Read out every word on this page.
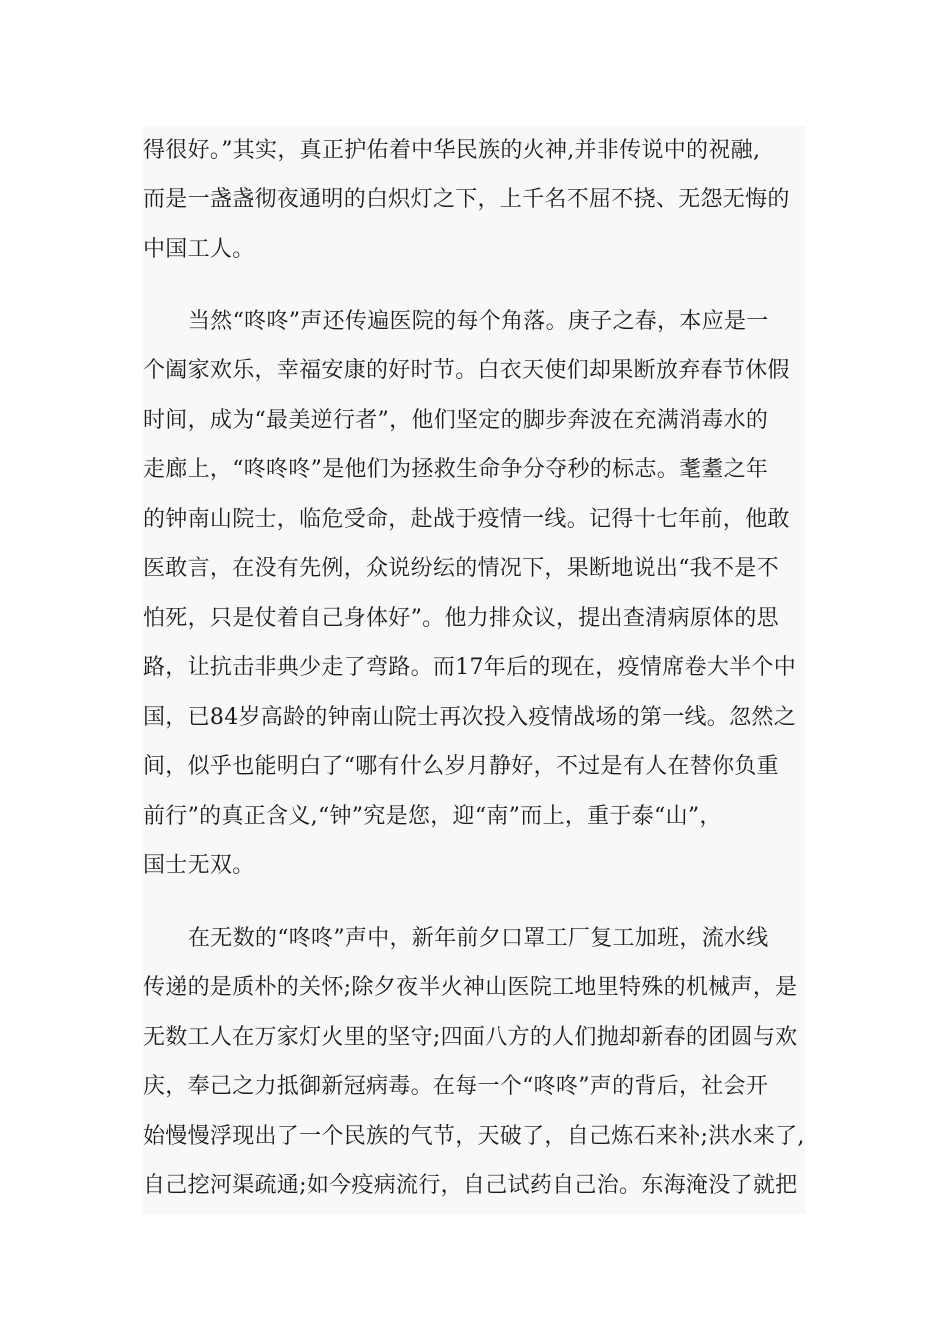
得很好。”其实，真正护佑着中华民族的火神,并非传说中的祝融,
而是一盏盏彻夜通明的白炽灯之下，上千名不屈不挠、无怨无悔的
中国工人。
当然“咚咚”声还传遍医院的每个角落。庚子之春，本应是一
个阖家欢乐，幸福安康的好时节。白衣天使们却果断放弃春节休假
时间，成为“最美逆行者”，他们坚定的脚步奔波在充满消毒水的
走廊上，“咚咚咚”是他们为拯救生命争分夺秒的标志。耄耋之年
的钟南山院士，临危受命，赴战于疫情一线。记得十七年前，他敢
医敢言，在没有先例，众说纷纭的情况下，果断地说出“我不是不
怕死，只是仗着自己身体好”。他力排众议，提出查清病原体的思
路，让抗击非典少走了弯路。而17年后的现在，疫情席卷大半个中
国，已84岁高龄的钟南山院士再次投入疫情战场的第一线。忽然之
间，似乎也能明白了“哪有什么岁月静好，不过是有人在替你负重
前行”的真正含义,“钟”究是您，迎“南”而上，重于泰“山”，
国士无双。
在无数的“咚咚”声中，新年前夕口罩工厂复工加班，流水线
传递的是质朴的关怀;除夕夜半火神山医院工地里特殊的机械声，是
无数工人在万家灯火里的坚守;四面八方的人们抛却新春的团圆与欢
庆，奉己之力抵御新冠病毒。在每一个“咚咚”声的背后，社会开
始慢慢浮现出了一个民族的气节，天破了，自己炼石来补;洪水来了,
自己挖河渠疏通;如今疫病流行，自己试药自己治。东海淹没了就把
